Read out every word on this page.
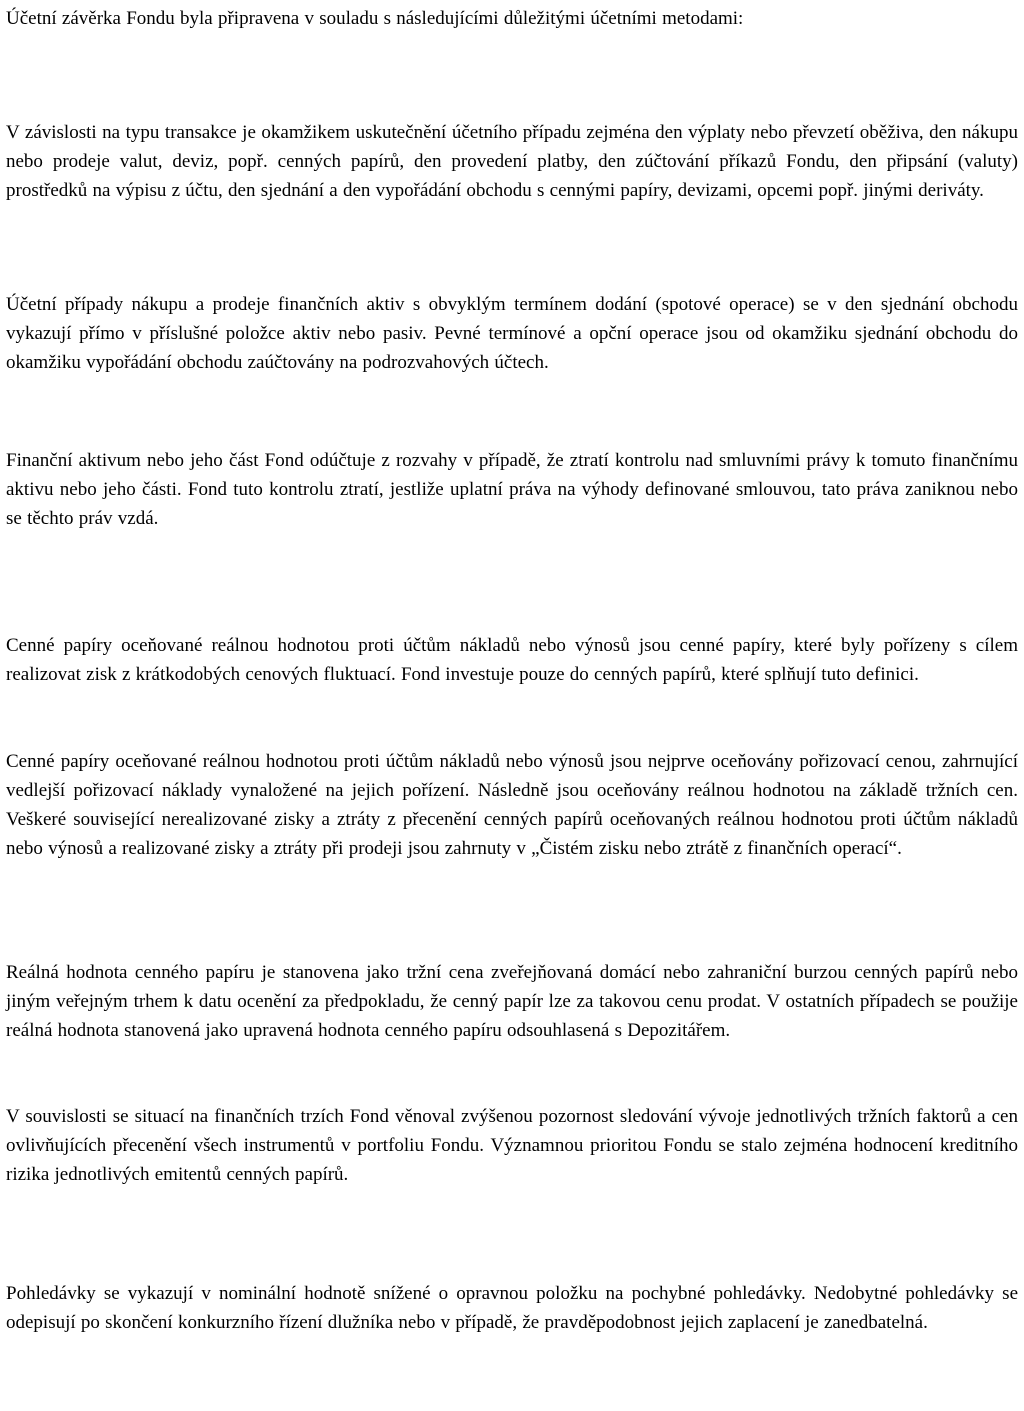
Účetní závěrka Fondu byla připravena v souladu s následujícími důležitými účetními metodami:

V závislosti na typu transakce je okamžikem uskutečnění účetního případu zejména den výplaty nebo převzetí oběživa, den nákupu nebo prodeje valut, deviz, popř. cenných papírů, den provedení platby, den zúčtování příkazů Fondu, den připsání (valuty) prostředků na výpisu z účtu, den sjednání a den vypořádání obchodu s cennými papíry, devizami, opcemi popř. jinými deriváty.

Účetní případy nákupu a prodeje finančních aktiv s obvyklým termínem dodání (spotové operace) se v den sjednání obchodu vykazují přímo v příslušné položce aktiv nebo pasiv. Pevné termínové a opční operace jsou od okamžiku sjednání obchodu do okamžiku vypořádání obchodu zaúčtovány na podrozvahových účtech.

Finanční aktivum nebo jeho část Fond odúčtuje z rozvahy v případě, že ztratí kontrolu nad smluvními právy k tomuto finančnímu aktivu nebo jeho části. Fond tuto kontrolu ztratí, jestliže uplatní práva na výhody definované smlouvou, tato práva zaniknou nebo se těchto práv vzdá.

Cenné papíry oceňované reálnou hodnotou proti účtům nákladů nebo výnosů jsou cenné papíry, které byly pořízeny s cílem realizovat zisk z krátkodobých cenových fluktuací. Fond investuje pouze do cenných papírů, které splňují tuto definici.

Cenné papíry oceňované reálnou hodnotou proti účtům nákladů nebo výnosů jsou nejprve oceňovány pořizovací cenou, zahrnující vedlejší pořizovací náklady vynaložené na jejich pořízení. Následně jsou oceňovány reálnou hodnotou na základě tržních cen. Veškeré související nerealizované zisky a ztráty z přecenění cenných papírů oceňovaných reálnou hodnotou proti účtům nákladů nebo výnosů a realizované zisky a ztráty při prodeji jsou zahrnuty v „Čistém zisku nebo ztrátě z finančních operací“.

Reálná hodnota cenného papíru je stanovena jako tržní cena zveřejňovaná domácí nebo zahraniční burzou cenných papírů nebo jiným veřejným trhem k datu ocenění za předpokladu, že cenný papír lze za takovou cenu prodat. V ostatních případech se použije reálná hodnota stanovená jako upravená hodnota cenného papíru odsouhlasená s Depozitářem.

V souvislosti se situací na finančních trzích Fond věnoval zvýšenou pozornost sledování vývoje jednotlivých tržních faktorů a cen ovlivňujících přecenění všech instrumentů v portfoliu Fondu. Významnou prioritou Fondu se stalo zejména hodnocení kreditního rizika jednotlivých emitentů cenných papírů.

Pohledávky se vykazují v nominální hodnotě snížené o opravnou položku na pochybné pohledávky. Nedobytné pohledávky se odepisují po skončení konkurzního řízení dlužníka nebo v případě, že pravděpodobnost jejich zaplacení je zanedbatelná.
